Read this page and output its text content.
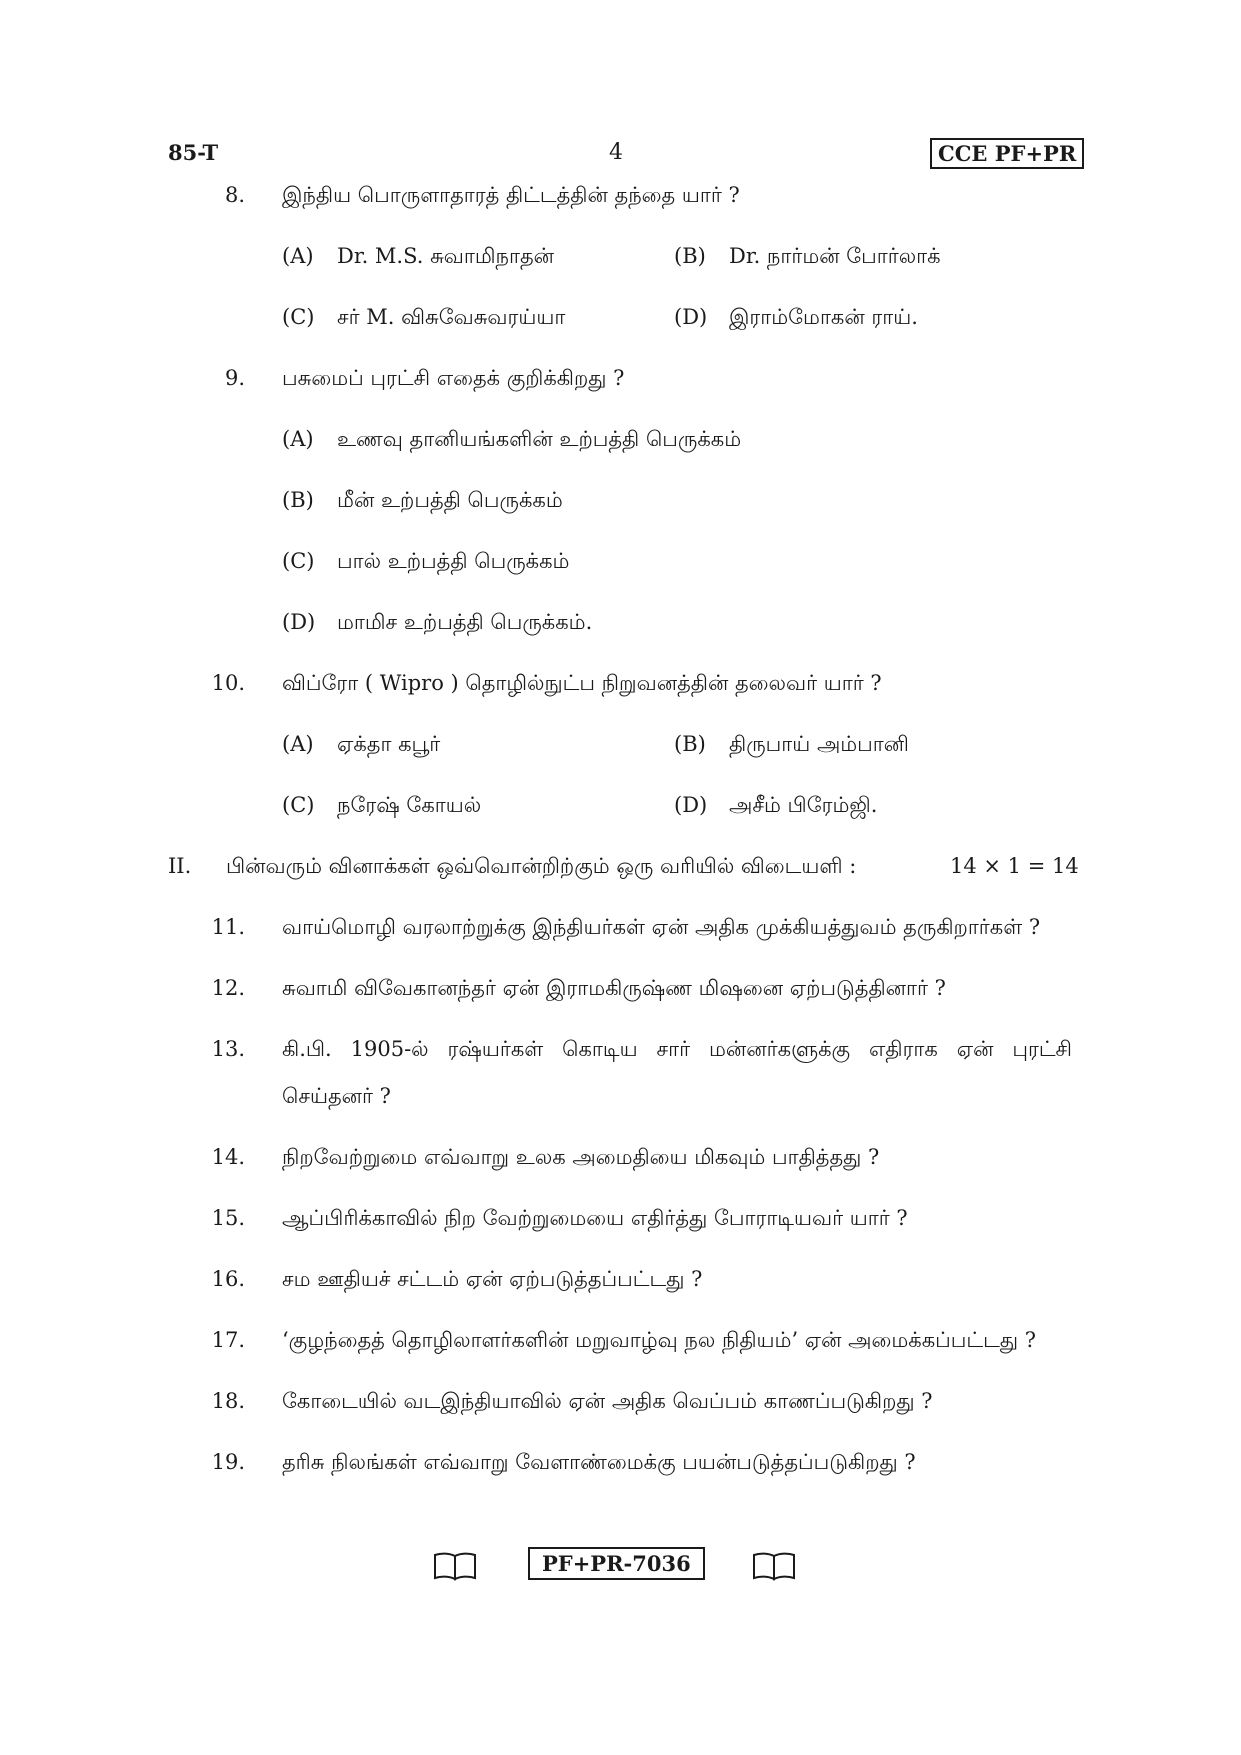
85-T	4	CCE PF+PR
8. இந்திய பொருளாதாரத் திட்டத்தின் தந்தை யார் ?
(A) Dr. M.S. சுவாமிநாதன்	(B) Dr. நார்மன் போர்லாக்
(C) சர் M. விசுவேசுவரய்யா	(D) இராம்மோகன் ராய்.
9. பசுமைப் புரட்சி எதைக் குறிக்கிறது ?
(A) உணவு தானியங்களின் உற்பத்தி பெருக்கம்
(B) மீன் உற்பத்தி பெருக்கம்
(C) பால் உற்பத்தி பெருக்கம்
(D) மாமிச உற்பத்தி பெருக்கம்.
10. விப்ரோ ( Wipro ) தொழில்நுட்ப நிறுவனத்தின் தலைவர் யார் ?
(A) ஏக்தா கபூர்	(B) திருபாய் அம்பானி
(C) நரேஷ் கோயல்	(D) அசீம் பிரேம்ஜி.
II. பின்வரும் வினாக்கள் ஒவ்வொன்றிற்கும் ஒரு வரியில் விடையளி :	14 × 1 = 14
11. வாய்மொழி வரலாற்றுக்கு இந்தியர்கள் ஏன் அதிக முக்கியத்துவம் தருகிறார்கள் ?
12. சுவாமி விவேகானந்தர் ஏன் இராமகிருஷ்ண மிஷனை ஏற்படுத்தினார் ?
13. கி.பி. 1905-ல் ரஷ்யர்கள் கொடிய சார் மன்னர்களுக்கு எதிராக ஏன் புரட்சி
செய்தனர் ?
14. நிறவேற்றுமை எவ்வாறு உலக அமைதியை மிகவும் பாதித்தது ?
15. ஆப்பிரிக்காவில் நிற வேற்றுமையை எதிர்த்து போராடியவர் யார் ?
16. சம ஊதியச் சட்டம் ஏன் ஏற்படுத்தப்பட்டது ?
17. ‘குழந்தைத் தொழிலாளர்களின் மறுவாழ்வு நல நிதியம்’ ஏன் அமைக்கப்பட்டது ?
18. கோடையில் வடஇந்தியாவில் ஏன் அதிக வெப்பம் காணப்படுகிறது ?
19. தரிசு நிலங்கள் எவ்வாறு வேளாண்மைக்கு பயன்படுத்தப்படுகிறது ?
PF+PR-7036
